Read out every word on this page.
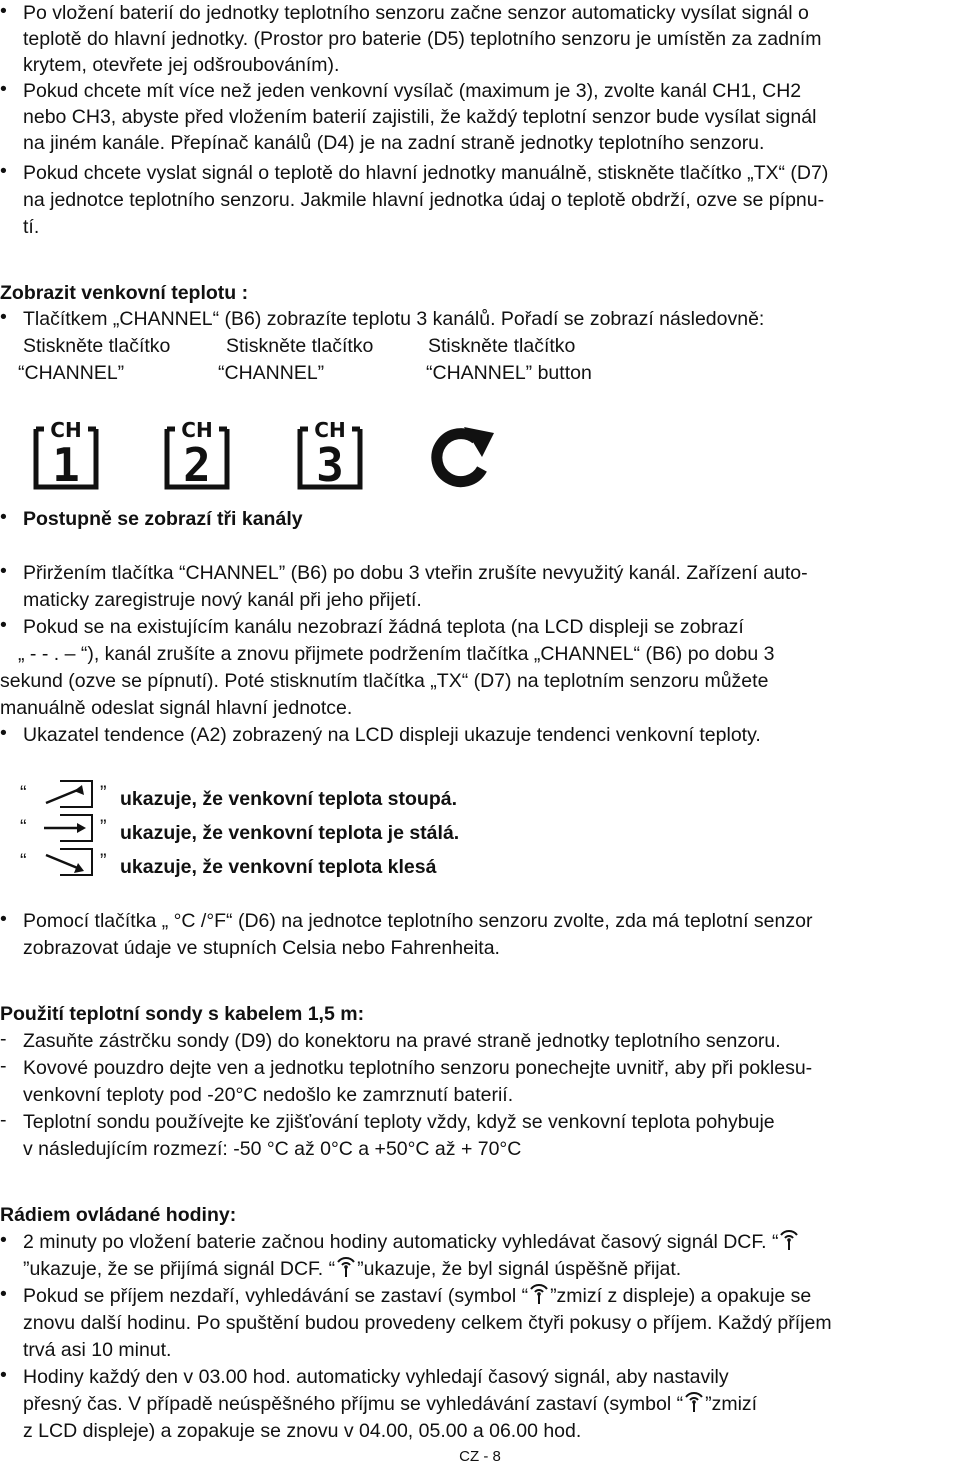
• Po vložení baterií do jednotky teplotního senzoru začne senzor automaticky vysílat signál o
teplotě do hlavní jednotky. (Prostor pro baterie (D5) teplotního senzoru je umístěn za zadním
krytem, otevřete jej odšroubováním).
• Pokud chcete mít více než jeden venkovní vysílač (maximum je 3), zvolte kanál CH1, CH2
nebo CH3, abyste před vložením baterií zajistili, že každý teplotní senzor bude vysílat signál
na jiném kanále. Přepínač kanálů (D4) je na zadní straně jednotky teplotního senzoru.
• Pokud chcete vyslat signál o teplotě do hlavní jednotky manuálně, stiskněte tlačítko „TX“ (D7)
na jednotce teplotního senzoru. Jakmile hlavní jednotka údaj o teplotě obdrží, ozve se pípnu-
tí.
Zobrazit venkovní teplotu :
• Tlačítkem „CHANNEL“ (B6) zobrazíte teplotu 3 kanálů. Pořadí se zobrazí následovně:
Stiskněte tlačítko	Stiskněte tlačítko	Stiskněte tlačítko
“CHANNEL”	“CHANNEL”	“CHANNEL” button
CH
1
CH
2
CH
3
• Postupně se zobrazí tři kanály
• Přiržením tlačítka “CHANNEL” (B6) po dobu 3 vteřin zrušíte nevyužitý kanál. Zařízení auto-
maticky zaregistruje nový kanál při jeho přijetí.
• Pokud se na existujícím kanálu nezobrazí žádná teplota (na LCD displeji se zobrazí
„ - - . – “), kanál zrušíte a znovu přijmete podržením tlačítka „CHANNEL“ (B6) po dobu 3
sekund (ozve se pípnutí). Poté stisknutím tlačítka „TX“ (D7) na teplotním senzoru můžete
manuálně odeslat signál hlavní jednotce.
• Ukazatel tendence (A2) zobrazený na LCD displeji ukazuje tendenci venkovní teploty.
“	” ukazuje, že venkovní teplota stoupá.
“	” ukazuje, že venkovní teplota je stálá.
“	” ukazuje, že venkovní teplota klesá
• Pomocí tlačítka „ °C /°F“ (D6) na jednotce teplotního senzoru zvolte, zda má teplotní senzor
zobrazovat údaje ve stupních Celsia nebo Fahrenheita.
Použití teplotní sondy s kabelem 1,5 m:
- Zasuňte zástrčku sondy (D9) do konektoru na pravé straně jednotky teplotního senzoru.
- Kovové pouzdro dejte ven a jednotku teplotního senzoru ponechejte uvnitř, aby při poklesu-
venkovní teploty pod -20°C nedošlo ke zamrznutí baterií.
- Teplotní sondu používejte ke zjišťování teploty vždy, když se venkovní teplota pohybuje
v následujícím rozmezí: -50 °C až 0°C a +50°C až + 70°C
Rádiem ovládané hodiny:
• 2 minuty po vložení baterie začnou hodiny automaticky vyhledávat časový signál DCF. “
”ukazuje, že se přijímá signál DCF. “ ”ukazuje, že byl signál úspěšně přijat.
• Pokud se příjem nezdaří, vyhledávání se zastaví (symbol “ ”zmizí z displeje) a opakuje se
znovu další hodinu. Po spuštění budou provedeny celkem čtyři pokusy o příjem. Každý příjem
trvá asi 10 minut.
• Hodiny každý den v 03.00 hod. automaticky vyhledají časový signál, aby nastavily
přesný čas. V případě neúspěšného příjmu se vyhledávání zastaví (symbol “ ”zmizí
z LCD displeje) a zopakuje se znovu v 04.00, 05.00 a 06.00 hod.
CZ - 8
